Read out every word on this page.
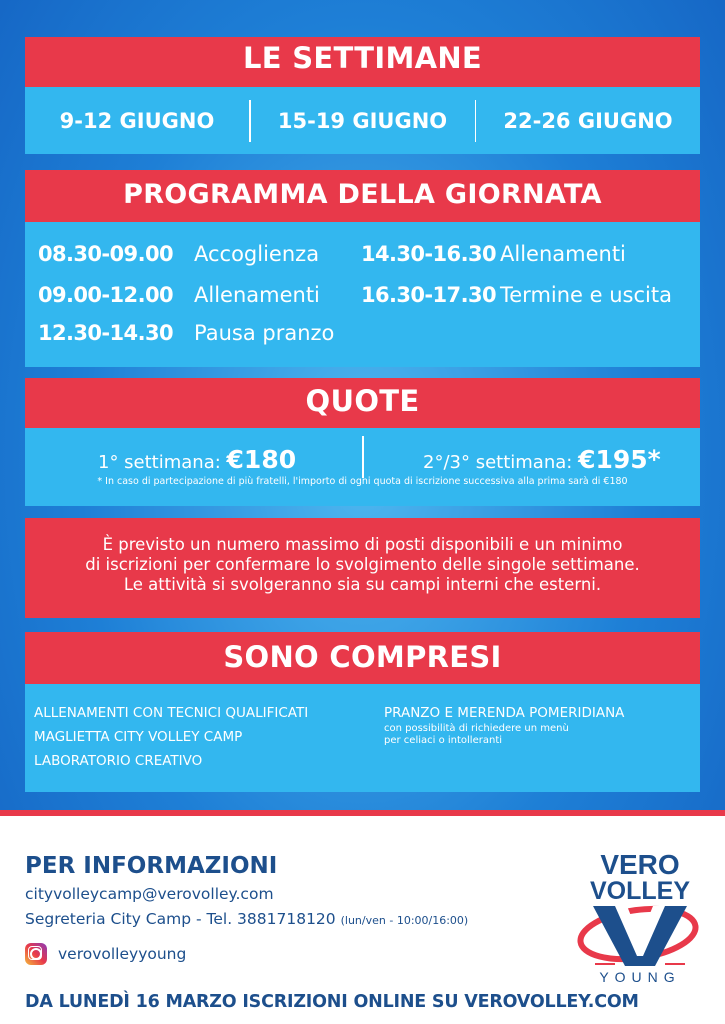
LE SETTIMANE
9-12 GIUGNO	15-19 GIUGNO	22-26 GIUGNO
PROGRAMMA DELLA GIORNATA
08.30-09.00 Accoglienza
09.00-12.00 Allenamenti
12.30-14.30 Pausa pranzo
14.30-16.30 Allenamenti
16.30-17.30 Termine e uscita
QUOTE
1° settimana: €180	2°/3° settimana: €195*
* In caso di partecipazione di più fratelli, l'importo di ogni quota di iscrizione successiva alla prima sarà di €180
È previsto un numero massimo di posti disponibili e un minimo
di iscrizioni per confermare lo svolgimento delle singole settimane.
Le attività si svolgeranno sia su campi interni che esterni.
SONO COMPRESI
ALLENAMENTI CON TECNICI QUALIFICATI
MAGLIETTA CITY VOLLEY CAMP
LABORATORIO CREATIVO
PRANZO E MERENDA POMERIDIANA
con possibilità di richiedere un menù
per celiaci o intolleranti
PER INFORMAZIONI
cityvolleycamp@verovolley.com
Segreteria City Camp - Tel. 3881718120 (lun/ven - 10:00/16:00)
verovolleyyoung
DA LUNEDÌ 16 MARZO ISCRIZIONI ONLINE SU VEROVOLLEY.COM
VERO
VOLLEY
YOUNG
